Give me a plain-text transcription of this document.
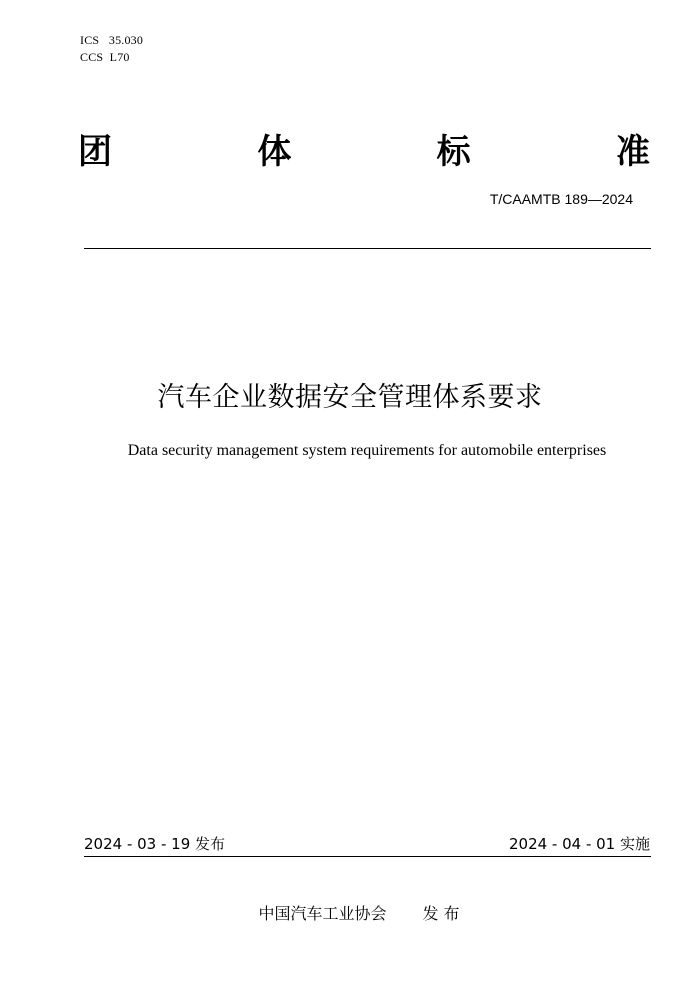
ICS   35.030
CCS  L70
团	体	标	准
T/CAAMTB 189—2024
汽车企业数据安全管理体系要求
Data security management system requirements for automobile enterprises
2024 - 03 - 19 发布	2024 - 04 - 01 实施
中国汽车工业协会 发 布
